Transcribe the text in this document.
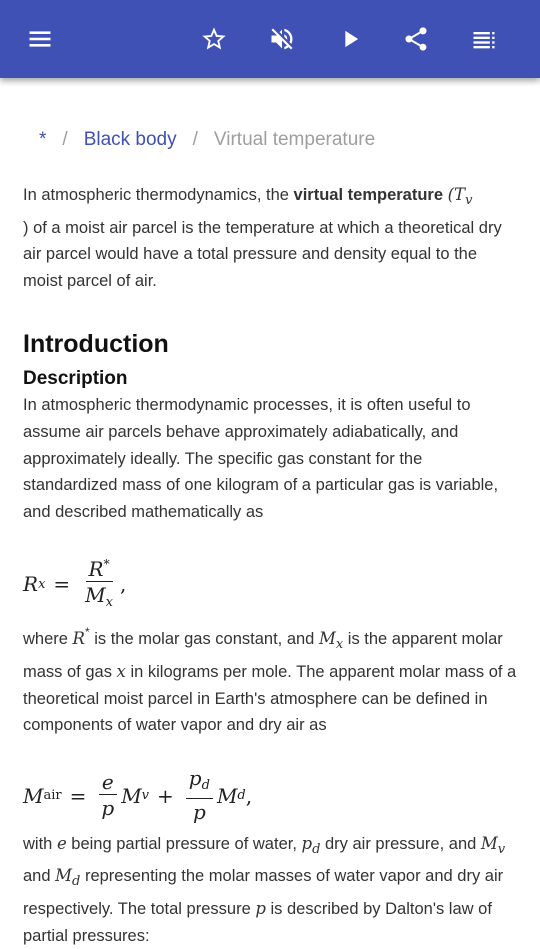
* / Black body / Virtual temperature

In atmospheric thermodynamics, the virtual temperature ($T_v$
) of a moist air parcel is the temperature at which a theoretical dry air parcel would have a total pressure and density equal to the moist parcel of air.

Introduction
Description

In atmospheric thermodynamic processes, it is often useful to assume air parcels behave approximately adiabatically, and approximately ideally. The specific gas constant for the standardized mass of one kilogram of a particular gas is variable, and described mathematically as

R $x = \frac{R^*}{M_x}$ ,

where R* is the molar gas constant, and $M_x$ is the apparent molar mass of gas x in kilograms per mole. The apparent molar mass of a theoretical moist parcel in Earth's atmosphere can be defined in components of water vapor and dry air as

M air = $\frac{e}{p}$ M $v + \frac{p_d}{p}$ M d ,

with e being partial pressure of water, $p_d$ dry air pressure, and $M_v$ and $M_d$ representing the molar masses of water vapor and dry air respectively. The total pressure p is described by Dalton's law of partial pressures:
